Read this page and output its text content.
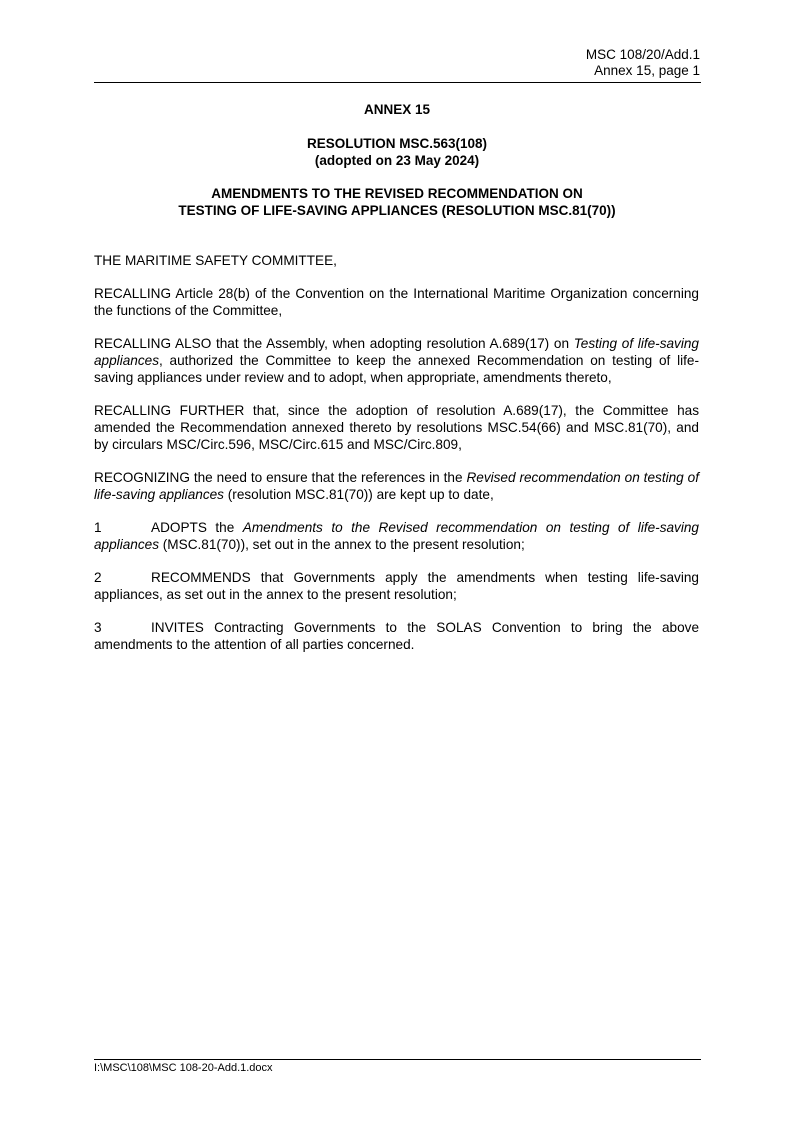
MSC 108/20/Add.1
Annex 15, page 1
ANNEX 15
RESOLUTION MSC.563(108)
(adopted on 23 May 2024)
AMENDMENTS TO THE REVISED RECOMMENDATION ON
TESTING OF LIFE-SAVING APPLIANCES (RESOLUTION MSC.81(70))

THE MARITIME SAFETY COMMITTEE,

RECALLING Article 28(b) of the Convention on the International Maritime Organization concerning the functions of the Committee,

RECALLING ALSO that the Assembly, when adopting resolution A.689(17) on Testing of life-saving appliances, authorized the Committee to keep the annexed Recommendation on testing of life-saving appliances under review and to adopt, when appropriate, amendments thereto,

RECALLING FURTHER that, since the adoption of resolution A.689(17), the Committee has amended the Recommendation annexed thereto by resolutions MSC.54(66) and MSC.81(70), and by circulars MSC/Circ.596, MSC/Circ.615 and MSC/Circ.809,

RECOGNIZING the need to ensure that the references in the Revised recommendation on testing of life-saving appliances (resolution MSC.81(70)) are kept up to date,

1	ADOPTS the Amendments to the Revised recommendation on testing of life-saving appliances (MSC.81(70)), set out in the annex to the present resolution;

2	RECOMMENDS that Governments apply the amendments when testing life-saving appliances, as set out in the annex to the present resolution;

3	INVITES Contracting Governments to the SOLAS Convention to bring the above amendments to the attention of all parties concerned.

I:\MSC\108\MSC 108-20-Add.1.docx
